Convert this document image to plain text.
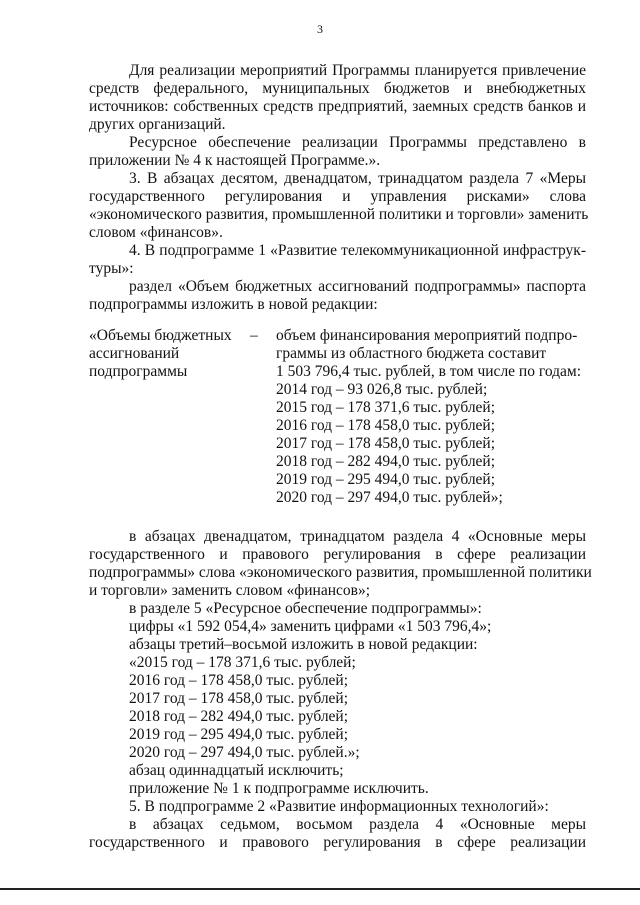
3
Для реализации мероприятий Программы планируется привлечение
средств федерального, муниципальных бюджетов и внебюджетных
источников: собственных средств предприятий, заемных средств банков и
других организаций.
Ресурсное обеспечение реализации Программы представлено в
приложении № 4 к настоящей Программе.».
3. В абзацах десятом, двенадцатом, тринадцатом раздела 7 «Меры
государственного регулирования и управления рисками» слова
«экономического развития, промышленной политики и торговли» заменить
словом «финансов».
4. В подпрограмме 1 «Развитие телекоммуникационной инфраструк-
туры»:
раздел «Объем бюджетных ассигнований подпрограммы» паспорта
подпрограммы изложить в новой редакции:
«Объемы бюджетных
ассигнований
подпрограммы
– объем финансирования мероприятий подпро-
граммы из областного бюджета составит
1 503 796,4 тыс. рублей, в том числе по годам:
2014 год – 93 026,8 тыс. рублей;
2015 год – 178 371,6 тыс. рублей;
2016 год – 178 458,0 тыс. рублей;
2017 год – 178 458,0 тыс. рублей;
2018 год – 282 494,0 тыс. рублей;
2019 год – 295 494,0 тыс. рублей;
2020 год – 297 494,0 тыс. рублей»;
в абзацах двенадцатом, тринадцатом раздела 4 «Основные меры
государственного и правового регулирования в сфере реализации
подпрограммы» слова «экономического развития, промышленной политики
и торговли» заменить словом «финансов»;
в разделе 5 «Ресурсное обеспечение подпрограммы»:
цифры «1 592 054,4» заменить цифрами «1 503 796,4»;
абзацы третий–восьмой изложить в новой редакции:
«2015 год – 178 371,6 тыс. рублей;
2016 год – 178 458,0 тыс. рублей;
2017 год – 178 458,0 тыс. рублей;
2018 год – 282 494,0 тыс. рублей;
2019 год – 295 494,0 тыс. рублей;
2020 год – 297 494,0 тыс. рублей.»;
абзац одиннадцатый исключить;
приложение № 1 к подпрограмме исключить.
5. В подпрограмме 2 «Развитие информационных технологий»:
в абзацах седьмом, восьмом раздела 4 «Основные меры
государственного и правового регулирования в сфере реализации
